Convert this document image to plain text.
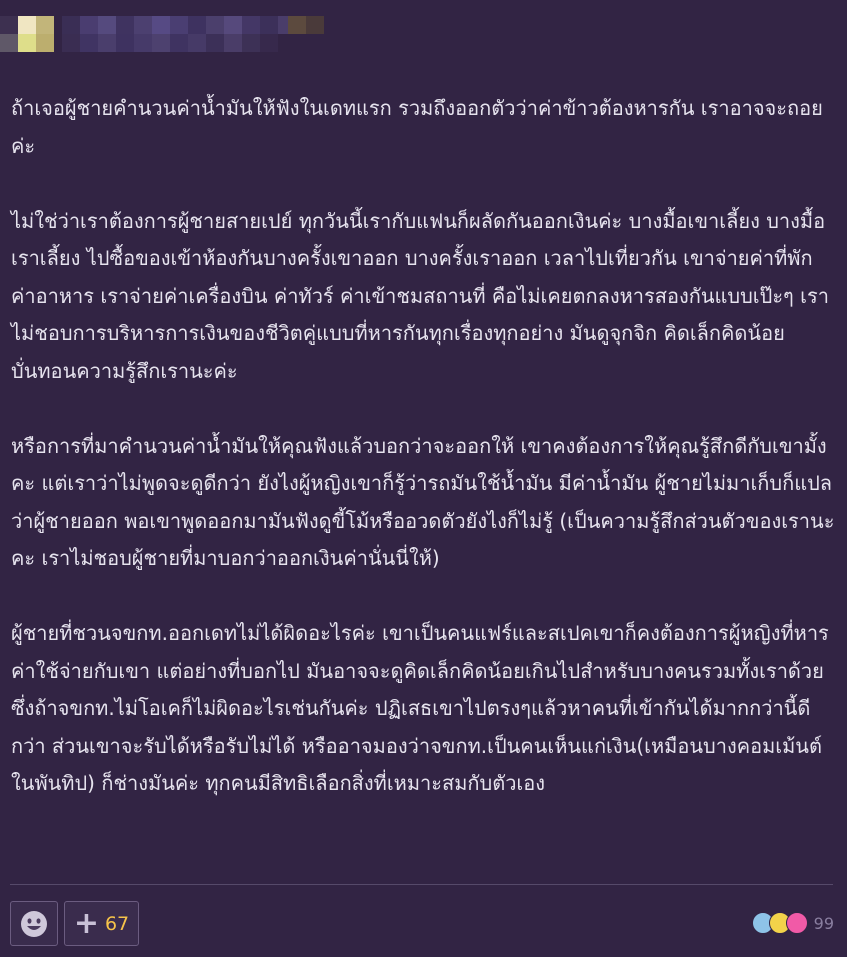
ถ้าเจอผู้ชายคำนวนค่าน้ำมันให้ฟังในเดทแรก รวมถึงออกตัวว่าค่าข้าวต้องหารกัน เราอาจจะถอยค่ะ

ไม่ใช่ว่าเราต้องการผู้ชายสายเปย์ ทุกวันนี้เรากับแฟนก็ผลัดกันออกเงินค่ะ บางมื้อเขาเลี้ยง บางมื้อเราเลี้ยง ไปซื้อของเข้าห้องกันบางครั้งเขาออก บางครั้งเราออก เวลาไปเที่ยวกัน เขาจ่ายค่าที่พัก ค่าอาหาร เราจ่ายค่าเครื่องบิน ค่าทัวร์ ค่าเข้าชมสถานที่ คือไม่เคยตกลงหารสองกันแบบเป๊ะๆ เราไม่ชอบการบริหารการเงินของชีวิตคู่แบบที่หารกันทุกเรื่องทุกอย่าง มันดูจุกจิก คิดเล็กคิดน้อย บั่นทอนความรู้สึกเรานะค่ะ

หรือการที่มาคำนวนค่าน้ำมันให้คุณฟังแล้วบอกว่าจะออกให้ เขาคงต้องการให้คุณรู้สึกดีกับเขามั้งคะ แต่เราว่าไม่พูดจะดูดีกว่า ยังไงผู้หญิงเขาก็รู้ว่ารถมันใช้น้ำมัน มีค่าน้ำมัน ผู้ชายไม่มาเก็บก็แปลว่าผู้ชายออก พอเขาพูดออกมามันฟังดูขี้โม้หรืออวดตัวยังไงก็ไม่รู้ (เป็นความรู้สึกส่วนตัวของเรานะคะ เราไม่ชอบผู้ชายที่มาบอกว่าออกเงินค่านั่นนี่ให้)

ผู้ชายที่ชวนจขกท.ออกเดทไม่ได้ผิดอะไรค่ะ เขาเป็นคนแฟร์และสเปคเขาก็คงต้องการผู้หญิงที่หารค่าใช้จ่ายกับเขา แต่อย่างที่บอกไป มันอาจจะดูคิดเล็กคิดน้อยเกินไปสำหรับบางคนรวมทั้งเราด้วย ซึ่งถ้าจขกท.ไม่โอเคก็ไม่ผิดอะไรเช่นกันค่ะ ปฏิเสธเขาไปตรงๆแล้วหาคนที่เข้ากันได้มากกว่านี้ดีกว่า ส่วนเขาจะรับได้หรือรับไม่ได้ หรืออาจมองว่าจขกท.เป็นคนเห็นแก่เงิน(เหมือนบางคอมเม้นต์ในพันทิป) ก็ช่างมันค่ะ ทุกคนมีสิทธิเลือกสิ่งที่เหมาะสมกับตัวเอง

+ 67	99
